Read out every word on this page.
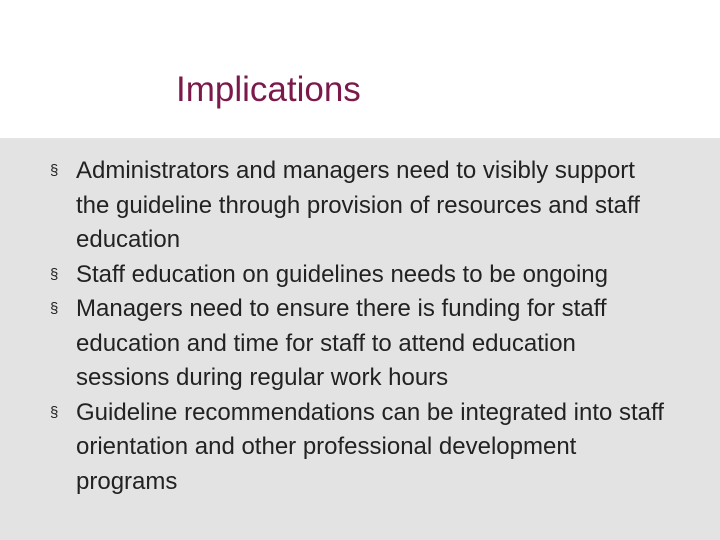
Implications
§ Administrators and managers need to visibly support the guideline through provision of resources and staff education
§ Staff education on guidelines needs to be ongoing
§ Managers need to ensure there is funding for staff education and time for staff to attend education sessions during regular work hours
§ Guideline recommendations can be integrated into staff orientation and other professional development programs
